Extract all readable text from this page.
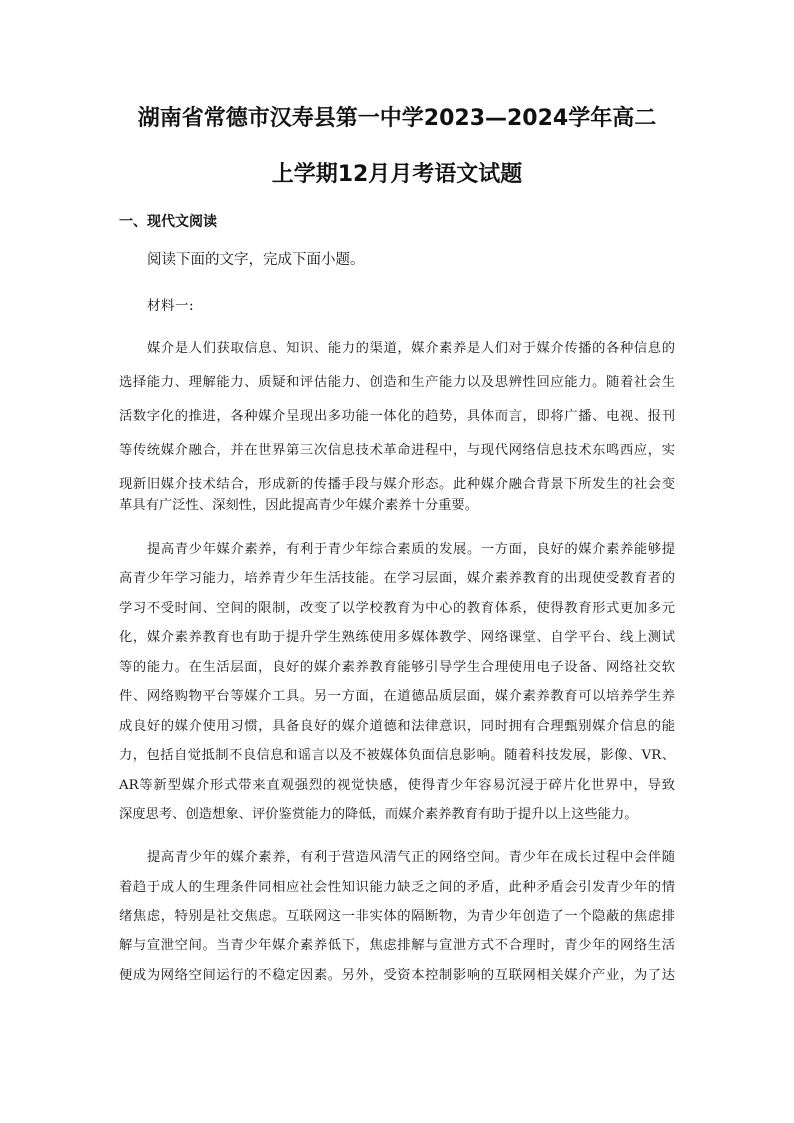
湖南省常德市汉寿县第一中学2023—2024学年高二
上学期12月月考语文试题
一、现代文阅读
阅读下面的文字，完成下面小题。
材料一:
媒介是人们获取信息、知识、能力的渠道，媒介素养是人们对于媒介传播的各种信息的
选择能力、理解能力、质疑和评估能力、创造和生产能力以及思辨性回应能力。随着社会生
活数字化的推进，各种媒介呈现出多功能一体化的趋势，具体而言，即将广播、电视、报刊
等传统媒介融合，并在世界第三次信息技术革命进程中，与现代网络信息技术东鸣西应，实
现新旧媒介技术结合，形成新的传播手段与媒介形态。此种媒介融合背景下所发生的社会变
革具有广泛性、深刻性，因此提高青少年媒介素养十分重要。
提高青少年媒介素养，有利于青少年综合素质的发展。一方面，良好的媒介素养能够提
高青少年学习能力，培养青少年生活技能。在学习层面，媒介素养教育的出现使受教育者的
学习不受时间、空间的限制，改变了以学校教育为中心的教育体系，使得教育形式更加多元
化，媒介素养教育也有助于提升学生熟练使用多媒体教学、网络课堂、自学平台、线上测试
等的能力。在生活层面，良好的媒介素养教育能够引导学生合理使用电子设备、网络社交软
件、网络购物平台等媒介工具。另一方面，在道德品质层面，媒介素养教育可以培养学生养
成良好的媒介使用习惯，具备良好的媒介道德和法律意识，同时拥有合理甄别媒介信息的能
力，包括自觉抵制不良信息和谣言以及不被媒体负面信息影响。随着科技发展，影像、VR、
AR等新型媒介形式带来直观强烈的视觉快感，使得青少年容易沉浸于碎片化世界中，导致
深度思考、创造想象、评价鉴赏能力的降低，而媒介素养教育有助于提升以上这些能力。
提高青少年的媒介素养，有利于营造风清气正的网络空间。青少年在成长过程中会伴随
着趋于成人的生理条件同相应社会性知识能力缺乏之间的矛盾，此种矛盾会引发青少年的情
绪焦虑，特别是社交焦虑。互联网这一非实体的隔断物，为青少年创造了一个隐蔽的焦虑排
解与宣泄空间。当青少年媒介素养低下，焦虑排解与宣泄方式不合理时，青少年的网络生活
便成为网络空间运行的不稳定因素。另外，受资本控制影响的互联网相关媒介产业，为了达
